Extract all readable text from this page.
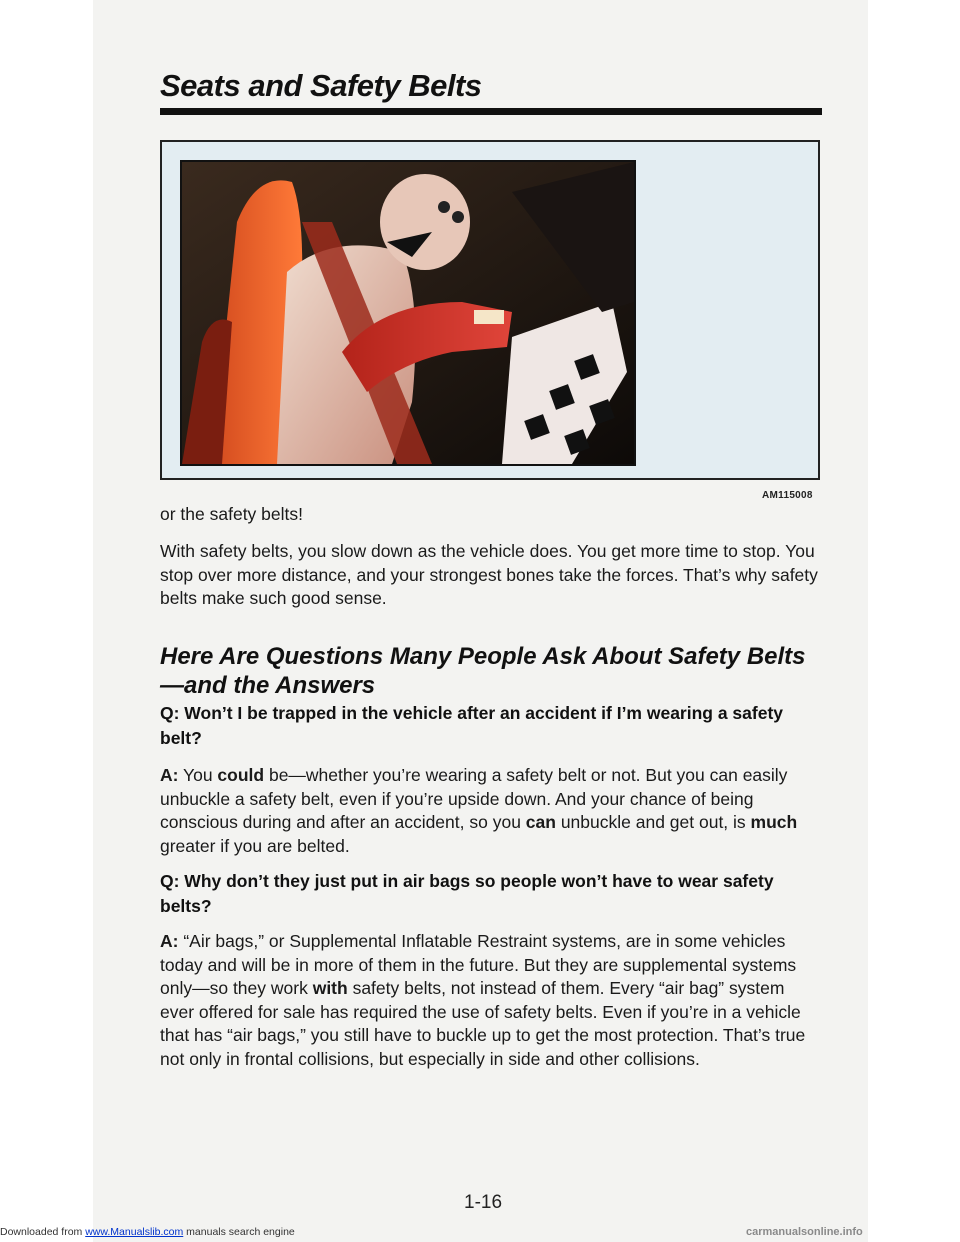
Seats and Safety Belts
AM115008
or the safety belts!
With safety belts, you slow down as the vehicle does. You get more time to stop. You stop over more distance, and your strongest bones take the forces. That’s why safety belts make such good sense.
Here Are Questions Many People Ask About Safety Belts—and the Answers
Q: Won’t I be trapped in the vehicle after an accident if I’m wearing a safety belt?
A: You could be—whether you’re wearing a safety belt or not. But you can easily unbuckle a safety belt, even if you’re upside down. And your chance of being conscious during and after an accident, so you can unbuckle and get out, is much greater if you are belted.
Q: Why don’t they just put in air bags so people won’t have to wear safety belts?
A: “Air bags,” or Supplemental Inflatable Restraint systems, are in some vehicles today and will be in more of them in the future. But they are supplemental systems only—so they work with safety belts, not instead of them. Every “air bag” system ever offered for sale has required the use of safety belts. Even if you’re in a vehicle that has “air bags,” you still have to buckle up to get the most protection. That’s true not only in frontal collisions, but especially in side and other collisions.
1-16
Downloaded from www.Manualslib.com manuals search engine	carmanualsonline.info
